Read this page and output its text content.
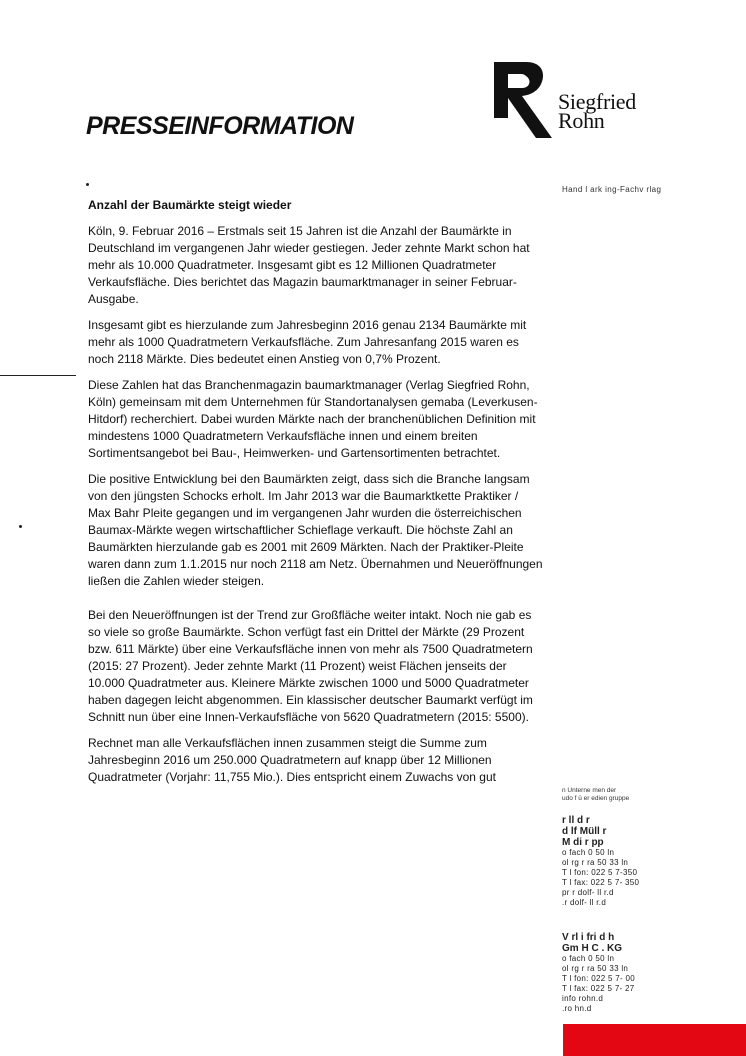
PRESSEINFORMATION
Siegfried
Rohn
Hand l ark ing-Fachv rlag
Anzahl der Baumärkte steigt wieder

Köln, 9. Februar 2016 – Erstmals seit 15 Jahren ist die Anzahl der Baumärkte in Deutschland im vergangenen Jahr wieder gestiegen. Jeder zehnte Markt schon hat mehr als 10.000 Quadratmeter. Insgesamt gibt es 12 Millionen Quadratmeter Verkaufsfläche. Dies berichtet das Magazin baumarktmanager in seiner Februar-Ausgabe.

Insgesamt gibt es hierzulande zum Jahresbeginn 2016 genau 2134 Baumärkte mit mehr als 1000 Quadratmetern Verkaufsfläche. Zum Jahresanfang 2015 waren es noch 2118 Märkte. Dies bedeutet einen Anstieg von 0,7% Prozent.

Diese Zahlen hat das Branchenmagazin baumarktmanager (Verlag Siegfried Rohn, Köln) gemeinsam mit dem Unternehmen für Standortanalysen gemaba (Leverkusen-Hitdorf) recherchiert. Dabei wurden Märkte nach der branchenüblichen Definition mit mindestens 1000 Quadratmetern Verkaufsfläche innen und einem breiten Sortimentsangebot bei Bau-, Heimwerken- und Gartensortimenten betrachtet.

Die positive Entwicklung bei den Baumärkten zeigt, dass sich die Branche langsam von den jüngsten Schocks erholt. Im Jahr 2013 war die Baumarktkette Praktiker / Max Bahr Pleite gegangen und im vergangenen Jahr wurden die österreichischen Baumax-Märkte wegen wirtschaftlicher Schieflage verkauft. Die höchste Zahl an Baumärkten hierzulande gab es 2001 mit 2609 Märkten. Nach der Praktiker-Pleite waren dann zum 1.1.2015 nur noch 2118 am Netz. Übernahmen und Neueröffnungen ließen die Zahlen wieder steigen.

Bei den Neueröffnungen ist der Trend zur Großfläche weiter intakt. Noch nie gab es so viele so große Baumärkte. Schon verfügt fast ein Drittel der Märkte (29 Prozent bzw. 611 Märkte) über eine Verkaufsfläche innen von mehr als 7500 Quadratmetern (2015: 27 Prozent). Jeder zehnte Markt (11 Prozent) weist Flächen jenseits der 10.000 Quadratmeter aus. Kleinere Märkte zwischen 1000 und 5000 Quadratmeter haben dagegen leicht abgenommen. Ein klassischer deutscher Baumarkt verfügt im Schnitt nun über eine Innen-Verkaufsfläche von 5620 Quadratmetern (2015: 5500).

Rechnet man alle Verkaufsflächen innen zusammen steigt die Summe zum Jahresbeginn 2016 um 250.000 Quadratmetern auf knapp über 12 Millionen Quadratmeter (Vorjahr: 11,755 Mio.). Dies entspricht einem Zuwachs von gut

n Unterne men der
udo f ü er edien gruppe
r ll d r
d lf Müll r
M di r pp
o fach 0 50 ln
ol rg r ra 50 33 ln
T l fon: 022 5 7-350
T l fax: 022 5 7- 350
pr r dolf- ll r.d
.r dolf- ll r.d
V rl i fri d h
Gm H C . KG
o fach 0 50 ln
ol rg r ra 50 33 ln
T l fon: 022 5 7- 00
T l fax: 022 5 7- 27
info rohn.d
.ro hn.d
